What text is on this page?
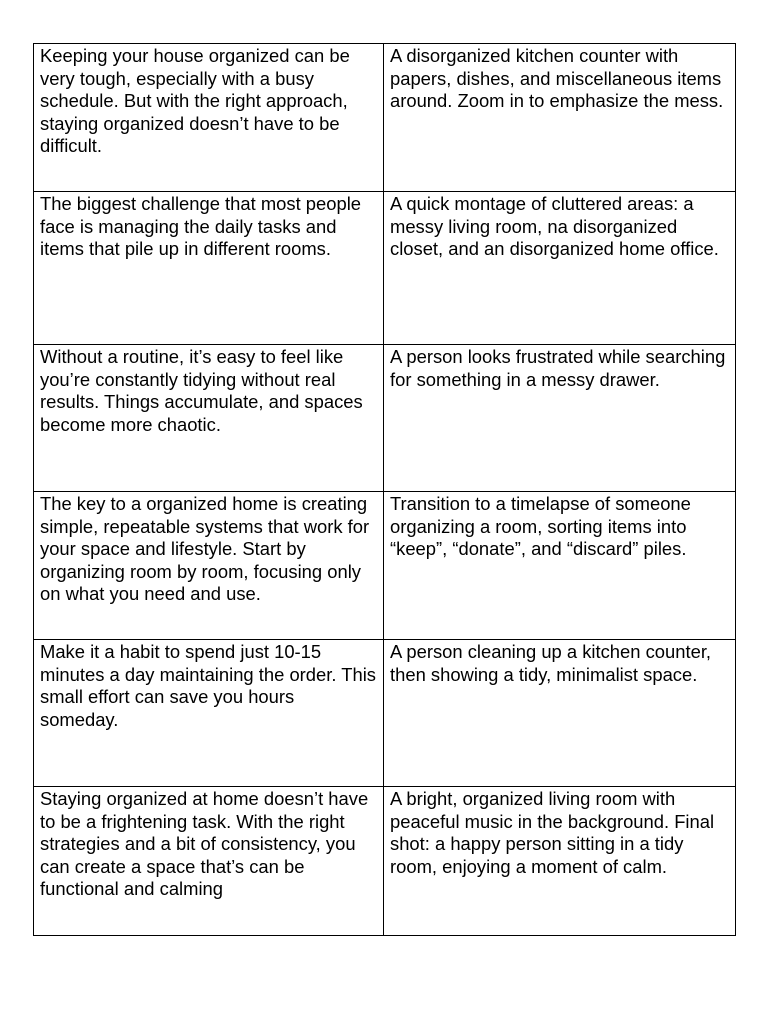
Keeping your house organized can be very tough, especially with a busy schedule. But with the right approach, staying organized doesn’t have to be difficult.	A disorganized kitchen counter with papers, dishes, and miscellaneous items around. Zoom in to emphasize the mess.

The biggest challenge that most people face is managing the daily tasks and items that pile up in different rooms.	A quick montage of cluttered areas: a messy living room, na disorganized closet, and an disorganized home office.

Without a routine, it’s easy to feel like you’re constantly tidying without real results. Things accumulate, and spaces become more chaotic.	A person looks frustrated while searching for something in a messy drawer.

The key to a organized home is creating simple, repeatable systems that work for your space and lifestyle. Start by organizing room by room, focusing only on what you need and use.	Transition to a timelapse of someone organizing a room, sorting items into “keep”, “donate”, and “discard” piles.

Make it a habit to spend just 10-15 minutes a day maintaining the order. This small effort can save you hours someday.	A person cleaning up a kitchen counter, then showing a tidy, minimalist space.

Staying organized at home doesn’t have to be a frightening task. With the right strategies and a bit of consistency, you can create a space that’s can be functional and calming	A bright, organized living room with peaceful music in the background. Final shot: a happy person sitting in a tidy room, enjoying a moment of calm.
